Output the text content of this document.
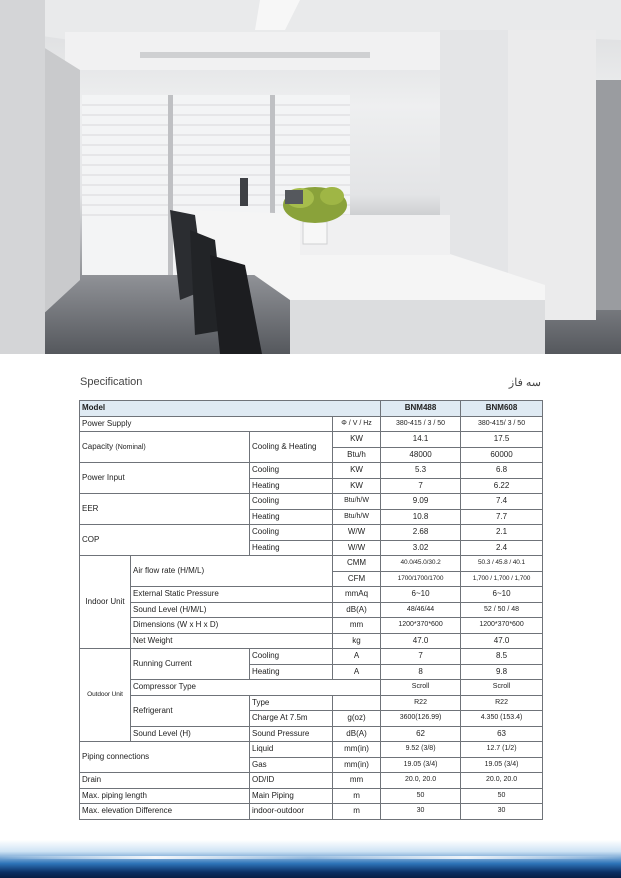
Specification	سه فاز
Model				BNM488	BNM608
Power Supply			Φ / V / Hz	380-415 / 3 / 50	380-415/ 3 / 50
Capacity (Nominal)		Cooling & Heating	KW	14.1	17.5
			Btu/h	48000	60000
Power Input		Cooling	KW	5.3	6.8
		Heating	KW	7	6.22
EER		Cooling	Btu/h/W	9.09	7.4
		Heating	Btu/h/W	10.8	7.7
COP		Cooling	W/W	2.68	2.1
		Heating	W/W	3.02	2.4
Indoor Unit	Air flow rate (H/M/L)		CMM	40.0/45.0/30.2	50.3 / 45.8 / 40.1
			CFM	1700/1700/1700	1,700 / 1,700 / 1,700
	External Static Pressure		mmAq	6~10	6~10
	Sound Level (H/M/L)		dB(A)	48/46/44	52 / 50 / 48
	Dimensions (W x H x D)		mm	1200*370*600	1200*370*600
	Net Weight		kg	47.0	47.0
Outdoor Unit	Running Current	Cooling	A	7	8.5
		Heating	A	8	9.8
	Compressor Type			Scroll	Scroll
	Refrigerant	Type		R22	R22
		Charge At 7.5m	g(oz)	3600(126.99)	4.350 (153.4)
	Sound Level (H)	Sound Pressure	dB(A)	62	63
Piping connections		Liquid	mm(in)	9.52 (3/8)	12.7 (1/2)
		Gas	mm(in)	19.05 (3/4)	19.05 (3/4)
Drain		OD/ID	mm	20.0, 20.0	20.0, 20.0
Max. piping length		Main Piping	m	50	50
Max. elevation Difference		indoor-outdoor	m	30	30
